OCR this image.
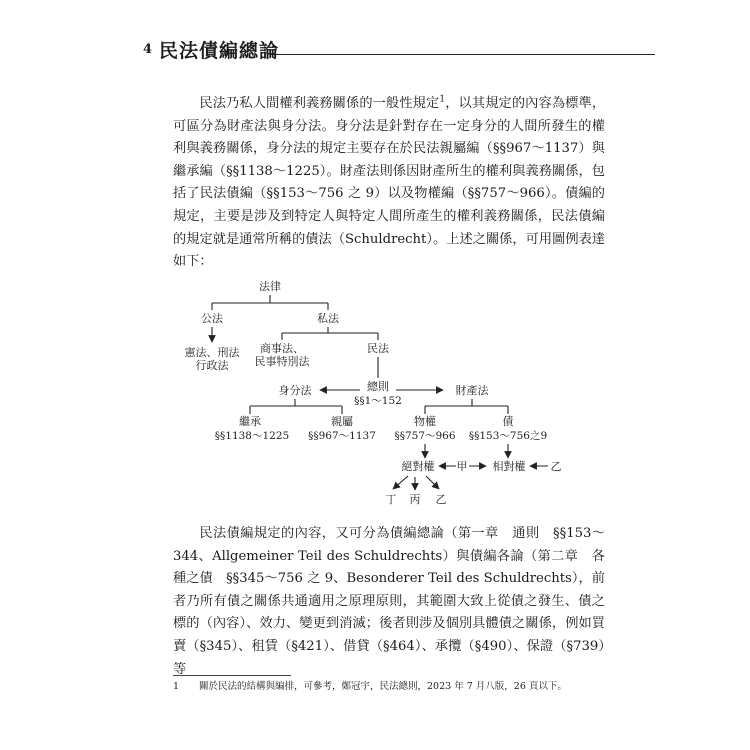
4 民法債編總論

民法乃私人間權利義務關係的一般性規定$^1$，以其規定的內容為標準，可區分為財產法與身分法。身分法是針對存在一定身分的人間所發生的權利與義務關係，身分法的規定主要存在於民法親屬編（§§967～1137）與繼承編（§§1138～1225）。財產法則係因財產所生的權利與義務關係，包括了民法債編（§§153～756 之 9）以及物權編（§§757～966）。債編的規定，主要是涉及到特定人與特定人間所產生的權利義務關係，民法債編的規定就是通常所稱的債法（Schuldrecht）。上述之關係，可用圖例表達如下：

法律
公法	私法
憲法、刑法
行政法
商事法、
民事特別法
民法
身分法	總則
§§1～152
財產法
繼承
§§1138～1225
親屬
§§967～1137
物權
§§757～966
債
§§153～756之9
絕對權 甲 相對權 乙
丁 丙 乙

民法債編規定的內容，又可分為債編總論（第一章　通則　§§153～344、Allgemeiner Teil des Schuldrechts）與債編各論（第二章　各種之債　§§345～756 之 9、Besonderer Teil des Schuldrechts），前者乃所有債之關係共通適用之原理原則，其範圍大致上從債之發生、債之標的（內容）、效力、變更到消滅；後者則涉及個別具體債之關係，例如買賣（§345）、租賃（§421）、借貸（§464）、承攬（§490）、保證（§739）等

1 關於民法的結構與編排，可參考，鄭冠宇，民法總則，2023 年 7 月八版，26 頁以下。
